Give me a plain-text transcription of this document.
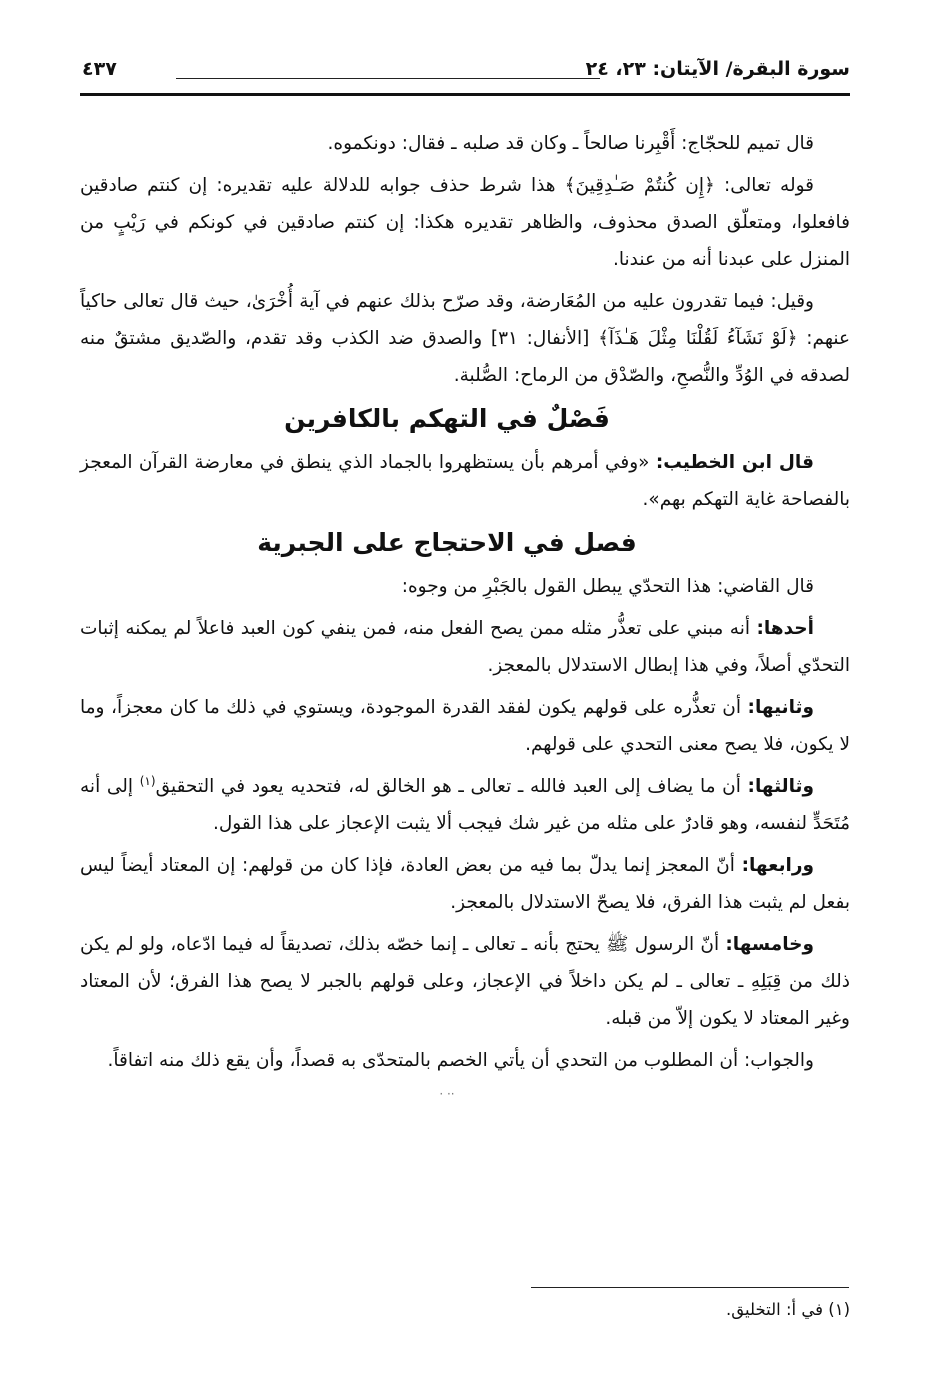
سورة البقرة/ الآيتان: ٢٣، ٢٤
٤٣٧

قال تميم للحجّاج: أَقْبِرنا صالحاً ـ وكان قد صلبه ـ فقال: دونكموه.

قوله تعالى: ﴿إِن كُنتُمْ صَـٰدِقِينَ﴾ هذا شرط حذف جوابه للدلالة عليه تقديره: إن كنتم صادقين فافعلوا، ومتعلّق الصدق محذوف، والظاهر تقديره هكذا: إن كنتم صادقين في كونكم في رَيْبٍ من المنزل على عبدنا أنه من عندنا.

وقيل: فيما تقدرون عليه من المُعَارضة، وقد صرّح بذلك عنهم في آية أُخْرَىٰ، حيث قال تعالى حاكياً عنهم: ﴿لَوْ نَشَآءُ لَقُلْنَا مِثْلَ هَـٰذَآ﴾ [الأنفال: ٣١] والصدق ضد الكذب وقد تقدم، والصّديق مشتقٌ منه لصدقه في الوُدِّ والنُّصحِ، والصّدْق من الرماح: الصُّلبة.

فَصْلٌ في التهكم بالكافرين

قال ابن الخطيب: «وفي أمرهم بأن يستظهروا بالجماد الذي ينطق في معارضة القرآن المعجز بالفصاحة غاية التهكم بهم».

فصل في الاحتجاج على الجبرية

قال القاضي: هذا التحدّي يبطل القول بالجَبْرِ من وجوه:

أحدها: أنه مبني على تعذُّر مثله ممن يصح الفعل منه، فمن ينفي كون العبد فاعلاً لم يمكنه إثبات التحدّي أصلاً، وفي هذا إبطال الاستدلال بالمعجز.

وثانيها: أن تعذُّره على قولهم يكون لفقد القدرة الموجودة، ويستوي في ذلك ما كان معجزاً، وما لا يكون، فلا يصح معنى التحدي على قولهم.

وثالثها: أن ما يضاف إلى العبد فالله ـ تعالى ـ هو الخالق له، فتحديه يعود في التحقيق$^{(١)}$ إلى أنه مُتَحَدٍّ لنفسه، وهو قادرٌ على مثله من غير شك فيجب ألا يثبت الإعجاز على هذا القول.

ورابعها: أنّ المعجز إنما يدلّ بما فيه من بعض العادة، فإذا كان من قولهم: إن المعتاد أيضاً ليس بفعل لم يثبت هذا الفرق، فلا يصحّ الاستدلال بالمعجز.

وخامسها: أنّ الرسول ﷺ يحتج بأنه ـ تعالى ـ إنما خصّه بذلك، تصديقاً له فيما ادّعاه، ولو لم يكن ذلك من قِبَلِهِ ـ تعالى ـ لم يكن داخلاً في الإعجاز، وعلى قولهم بالجبر لا يصح هذا الفرق؛ لأن المعتاد وغير المعتاد لا يكون إلاّ من قبله.

والجواب: أن المطلوب من التحدي أن يأتي الخصم بالمتحدّى به قصداً، وأن يقع ذلك منه اتفاقاً.

·· ·

(١) في أ: التخليق.
